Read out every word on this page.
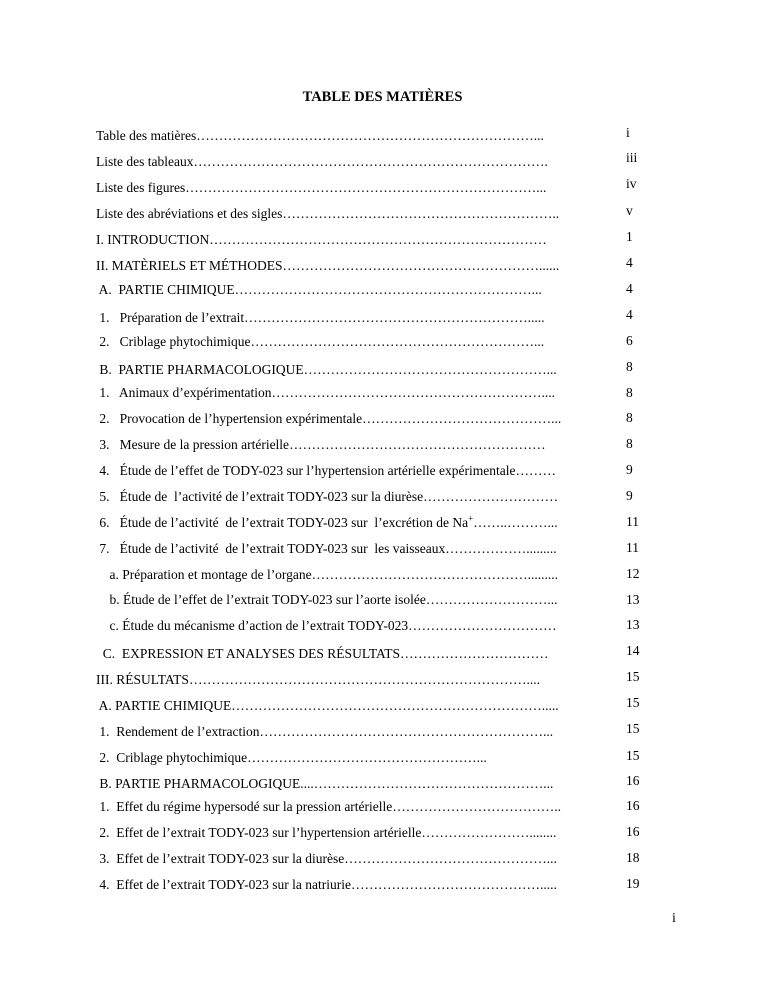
TABLE DES MATIÈRES
Table des matières…………………………………………………………………...	i
Liste des tableaux…………………………………………………………………….	iii
Liste des figures……………………………………………………………………...	iv
Liste des abréviations et des sigles……………………………………………………..	v
I. INTRODUCTION…………………………………………………………………	1
II. MATÈRIELS ET MÉTHODES…………………………………………………......	4
A.  PARTIE CHIMIQUE…………………………………………………………...	4
1.   Préparation de l’extrait……………………………………………………….....	4
2.   Criblage phytochimique………………………………………………………...	6
B.  PARTIE PHARMACOLOGIQUE………………………………………………...	8
1.   Animaux d’expérimentation……………………………………………………....	8
2.   Provocation de l’hypertension expérimentale……………………………………...	8
3.   Mesure de la pression artérielle…………………………………………………	8
4.   Étude de l’effet de TODY-023 sur l’hypertension artérielle expérimentale………	9
5.   Étude de  l’activité de l’extrait TODY-023 sur la diurèse…………………………	9
6.   Étude de l’activité  de l’extrait TODY-023 sur  l’excrétion de Na+……..………...	11
7.   Étude de l’activité  de l’extrait TODY-023 sur  les vaisseaux……………….........	11
a. Préparation et montage de l’organe………………………………………….........	12
b. Étude de l’effet de l’extrait TODY-023 sur l’aorte isolée………………………...	13
c. Étude du mécanisme d’action de l’extrait TODY-023……………………………	13
C.  EXPRESSION ET ANALYSES DES RÉSULTATS……………………………	14
III. RÉSULTATS…………………………………………………………………....	15
A. PARTIE CHIMIQUE…………………………………………………………….....	15
1.  Rendement de l’extraction………………………………………………………...	15
2.  Criblage phytochimique……………………………………………...	15
B. PARTIE PHARMACOLOGIQUE....……………………………………………...	16
1.  Effet du régime hypersodé sur la pression artérielle………………………………..	16
2.  Effet de l’extrait TODY-023 sur l’hypertension artérielle……………………........	16
3.  Effet de l’extrait TODY-023 sur la diurèse………………………………………...	18
4.  Effet de l’extrait TODY-023 sur la natriurie…………………………………….....	19
i
